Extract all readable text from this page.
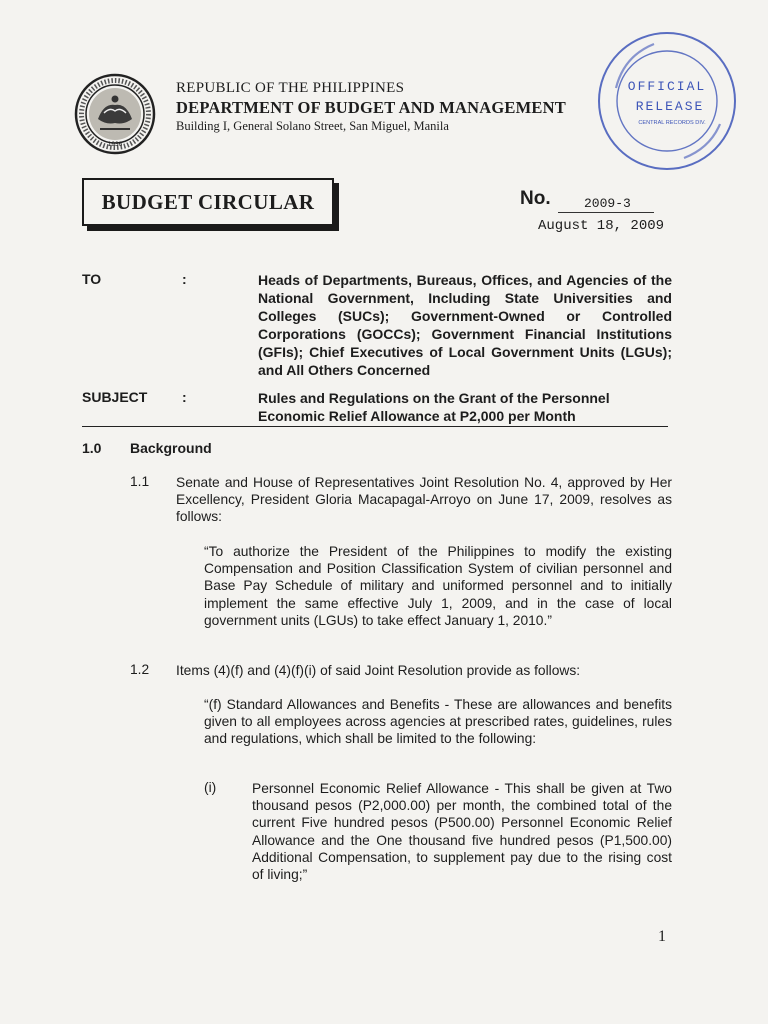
1936
REPUBLIC OF THE PHILIPPINES
DEPARTMENT OF BUDGET AND MANAGEMENT
Building I, General Solano Street, San Miguel, Manila
OFFICIAL
RELEASE
CENTRAL RECORDS DIV.
BUDGET CIRCULAR	No.	2009-3
August 18, 2009
TO	:	Heads of Departments, Bureaus, Offices, and Agencies of the National Government, Including State Universities and Colleges (SUCs); Government-Owned or Controlled Corporations (GOCCs); Government Financial Institutions (GFIs); Chief Executives of Local Government Units (LGUs); and All Others Concerned
SUBJECT :	Rules and Regulations on the Grant of the Personnel Economic Relief Allowance at P2,000 per Month
1.0 Background
1.1 Senate and House of Representatives Joint Resolution No. 4, approved by Her Excellency, President Gloria Macapagal-Arroyo on June 17, 2009, resolves as follows:
“To authorize the President of the Philippines to modify the existing Compensation and Position Classification System of civilian personnel and Base Pay Schedule of military and uniformed personnel and to initially implement the same effective July 1, 2009, and in the case of local government units (LGUs) to take effect January 1, 2010.”
1.2 Items (4)(f) and (4)(f)(i) of said Joint Resolution provide as follows:
“(f) Standard Allowances and Benefits - These are allowances and benefits given to all employees across agencies at prescribed rates, guidelines, rules and regulations, which shall be limited to the following:
(i)	Personnel Economic Relief Allowance - This shall be given at Two thousand pesos (P2,000.00) per month, the combined total of the current Five hundred pesos (P500.00) Personnel Economic Relief Allowance and the One thousand five hundred pesos (P1,500.00) Additional Compensation, to supplement pay due to the rising cost of living;”
1
